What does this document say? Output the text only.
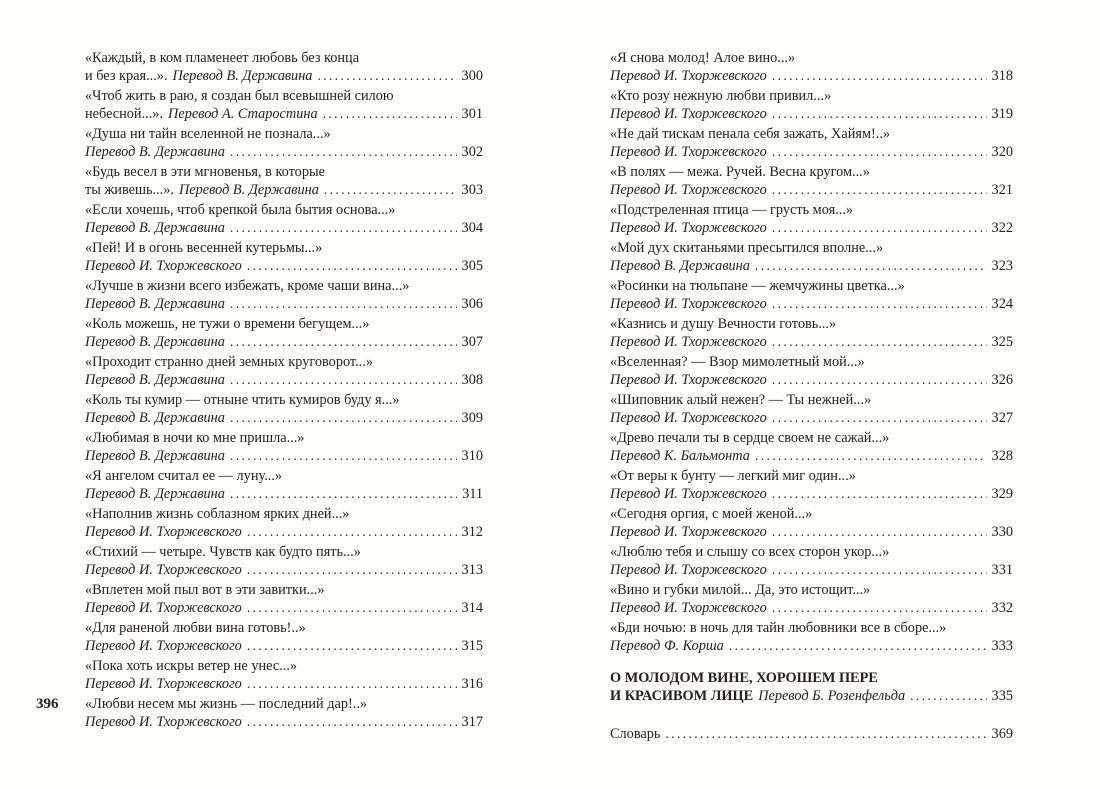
396
«Каждый, в ком пламенеет любовь без конца
и без края...». Перевод В. Державина .....	300
«Чтоб жить в раю, я создан был всевышней силою
небесной...». Перевод А. Старостина .....	301
«Душа ни тайн вселенной не познала...»
Перевод В. Державина .....	302
«Будь весел в эти мгновенья, в которые
ты живешь...». Перевод В. Державина .....	303
«Если хочешь, чтоб крепкой была бытия основа...»
Перевод В. Державина .....	304
«Пей! И в огонь весенней кутерьмы...»
Перевод И. Тхоржевского .....	305
«Лучше в жизни всего избежать, кроме чаши вина...»
Перевод В. Державина .....	306
«Коль можешь, не тужи о времени бегущем...»
Перевод В. Державина .....	307
«Проходит странно дней земных круговорот...»
Перевод В. Державина .....	308
«Коль ты кумир — отныне чтить кумиров буду я...»
Перевод В. Державина .....	309
«Любимая в ночи ко мне пришла...»
Перевод В. Державина .....	310
«Я ангелом считал ее — луну...»
Перевод В. Державина .....	311
«Наполнив жизнь соблазном ярких дней...»
Перевод И. Тхоржевского .....	312
«Стихий — четыре. Чувств как будто пять...»
Перевод И. Тхоржевского .....	313
«Вплетен мой пыл вот в эти завитки...»
Перевод И. Тхоржевского .....	314
«Для раненой любви вина готовь!..»
Перевод И. Тхоржевского .....	315
«Пока хоть искры ветер не унес...»
Перевод И. Тхоржевского .....	316
«Любви несем мы жизнь — последний дар!..»
Перевод И. Тхоржевского .....	317
«Я снова молод! Алое вино...»
Перевод И. Тхоржевского .....	318
«Кто розу нежную любви привил...»
Перевод И. Тхоржевского .....	319
«Не дай тискам пенала себя зажать, Хайям!..»
Перевод И. Тхоржевского .....	320
«В полях — межа. Ручей. Весна кругом...»
Перевод И. Тхоржевского .....	321
«Подстреленная птица — грусть моя...»
Перевод И. Тхоржевского .....	322
«Мой дух скитаньями пресытился вполне...»
Перевод В. Державина .....	323
«Росинки на тюльпане — жемчужины цветка...»
Перевод И. Тхоржевского .....	324
«Казнись и душу Вечности готовь...»
Перевод И. Тхоржевского .....	325
«Вселенная? — Взор мимолетный мой...»
Перевод И. Тхоржевского .....	326
«Шиповник алый нежен? — Ты нежней...»
Перевод И. Тхоржевского .....	327
«Древо печали ты в сердце своем не сажай...»
Перевод К. Бальмонта .....	328
«От веры к бунту — легкий миг один...»
Перевод И. Тхоржевского .....	329
«Сегодня оргия, с моей женой...»
Перевод И. Тхоржевского .....	330
«Люблю тебя и слышу со всех сторон укор...»
Перевод И. Тхоржевского .....	331
«Вино и губки милой... Да, это истощит...»
Перевод И. Тхоржевского .....	332
«Бди ночью: в ночь для тайн любовники все в сборе...»
Перевод Ф. Корша .....	333
О МОЛОДОМ ВИНЕ, ХОРОШЕМ ПЕРЕ
И КРАСИВОМ ЛИЦЕ Перевод Б. Розенфельда .....	335
Словарь .....	369
